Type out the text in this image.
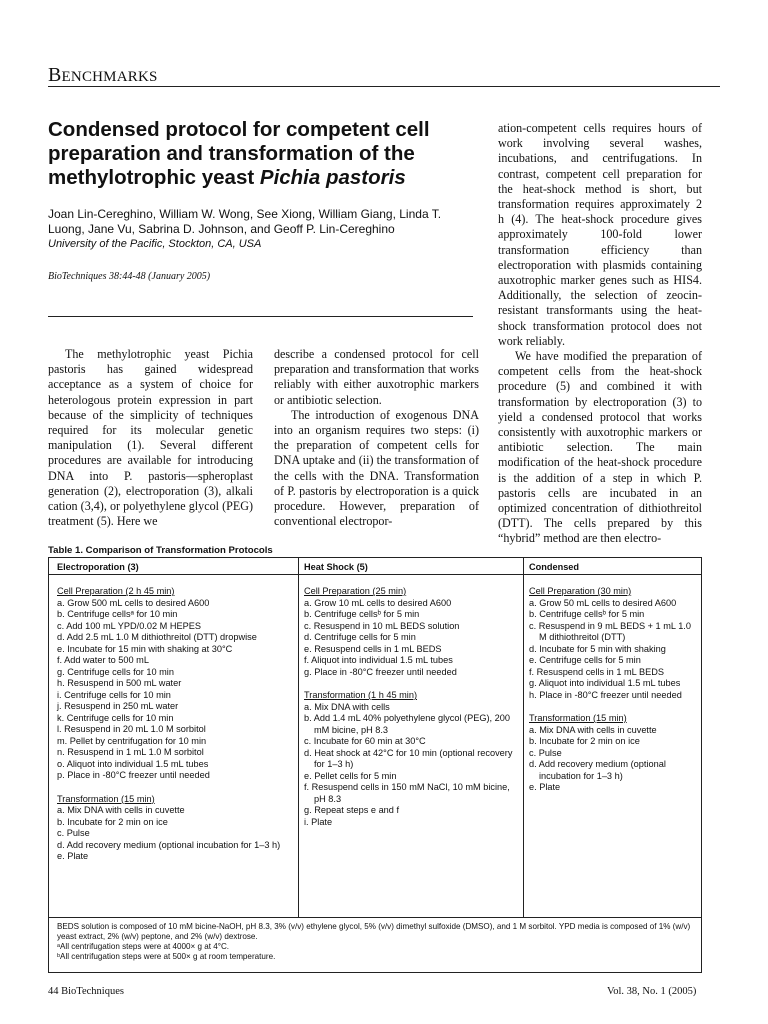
BENCHMARKS
Condensed protocol for competent cell preparation and transformation of the methylotrophic yeast Pichia pastoris
Joan Lin-Cereghino, William W. Wong, See Xiong, William Giang, Linda T. Luong, Jane Vu, Sabrina D. Johnson, and Geoff P. Lin-Cereghino
University of the Pacific, Stockton, CA, USA
BioTechniques 38:44-48 (January 2005)

The methylotrophic yeast Pichia pastoris has gained widespread acceptance as a system of choice for heterologous protein expression in part because of the simplicity of techniques required for its molecular genetic manipulation (1). Several different procedures are available for introducing DNA into P. pastoris—spheroplast generation (2), electroporation (3), alkali cation (3,4), or polyethylene glycol (PEG) treatment (5). Here we

describe a condensed protocol for cell preparation and transformation that works reliably with either auxotrophic markers or antibiotic selection.

The introduction of exogenous DNA into an organism requires two steps: (i) the preparation of competent cells for DNA uptake and (ii) the transformation of the cells with the DNA. Transformation of P. pastoris by electroporation is a quick procedure. However, preparation of conventional electropor-

ation-competent cells requires hours of work involving several washes, incubations, and centrifugations. In contrast, competent cell preparation for the heat-shock method is short, but transformation requires approximately 2 h (4). The heat-shock procedure gives approximately 100-fold lower transformation efficiency than electroporation with plasmids containing auxotrophic marker genes such as HIS4. Additionally, the selection of zeocin-resistant transformants using the heat-shock transformation protocol does not work reliably.

We have modified the preparation of competent cells from the heat-shock procedure (5) and combined it with transformation by electroporation (3) to yield a condensed protocol that works consistently with auxotrophic markers or antibiotic selection. The main modification of the heat-shock procedure is the addition of a step in which P. pastoris cells are incubated in an optimized concentration of dithiothreitol (DTT). The cells prepared by this “hybrid” method are then electro-

Table 1. Comparison of Transformation Protocols
Electroporation (3)
Cell Preparation (2 h 45 min)
a. Grow 500 mL cells to desired A600
b. Centrifuge cellsᵃ for 10 min
c. Add 100 mL YPD/0.02 M HEPES
d. Add 2.5 mL 1.0 M dithiothreitol (DTT) dropwise
e. Incubate for 15 min with shaking at 30°C
f. Add water to 500 mL
g. Centrifuge cells for 10 min
h. Resuspend in 500 mL water
i. Centrifuge cells for 10 min
j. Resuspend in 250 mL water
k. Centrifuge cells for 10 min
l. Resuspend in 20 mL 1.0 M sorbitol
m. Pellet by centrifugation for 10 min
n. Resuspend in 1 mL 1.0 M sorbitol
o. Aliquot into individual 1.5 mL tubes
p. Place in -80°C freezer until needed
Transformation (15 min)
a. Mix DNA with cells in cuvette
b. Incubate for 2 min on ice
c. Pulse
d. Add recovery medium (optional incubation for 1–3 h)
e. Plate
Heat Shock (5)
Cell Preparation (25 min)
a. Grow 10 mL cells to desired A600
b. Centrifuge cellsᵇ for 5 min
c. Resuspend in 10 mL BEDS solution
d. Centrifuge cells for 5 min
e. Resuspend cells in 1 mL BEDS
f. Aliquot into individual 1.5 mL tubes
g. Place in -80°C freezer until needed
Transformation (1 h 45 min)
a. Mix DNA with cells
b. Add 1.4 mL 40% polyethylene glycol (PEG), 200 mM bicine, pH 8.3
c. Incubate for 60 min at 30°C
d. Heat shock at 42°C for 10 min (optional recovery for 1–3 h)
e. Pellet cells for 5 min
f. Resuspend cells in 150 mM NaCl, 10 mM bicine, pH 8.3
g. Repeat steps e and f
i. Plate
Condensed
Cell Preparation (30 min)
a. Grow 50 mL cells to desired A600
b. Centrifuge cellsᵇ for 5 min
c. Resuspend in 9 mL BEDS + 1 mL 1.0 M dithiothreitol (DTT)
d. Incubate for 5 min with shaking
e. Centrifuge cells for 5 min
f. Resuspend cells in 1 mL BEDS
g. Aliquot into individual 1.5 mL tubes
h. Place in -80°C freezer until needed
Transformation (15 min)
a. Mix DNA with cells in cuvette
b. Incubate for 2 min on ice
c. Pulse
d. Add recovery medium (optional incubation for 1–3 h)
e. Plate
BEDS solution is composed of 10 mM bicine-NaOH, pH 8.3, 3% (v/v) ethylene glycol, 5% (v/v) dimethyl sulfoxide (DMSO), and 1 M sorbitol. YPD media is composed of 1% (w/v) yeast extract, 2% (w/v) peptone, and 2% (w/v) dextrose.
ᵃAll centrifugation steps were at 4000× g at 4°C.
ᵇAll centrifugation steps were at 500× g at room temperature.
44 BioTechniques	Vol. 38, No. 1 (2005)
